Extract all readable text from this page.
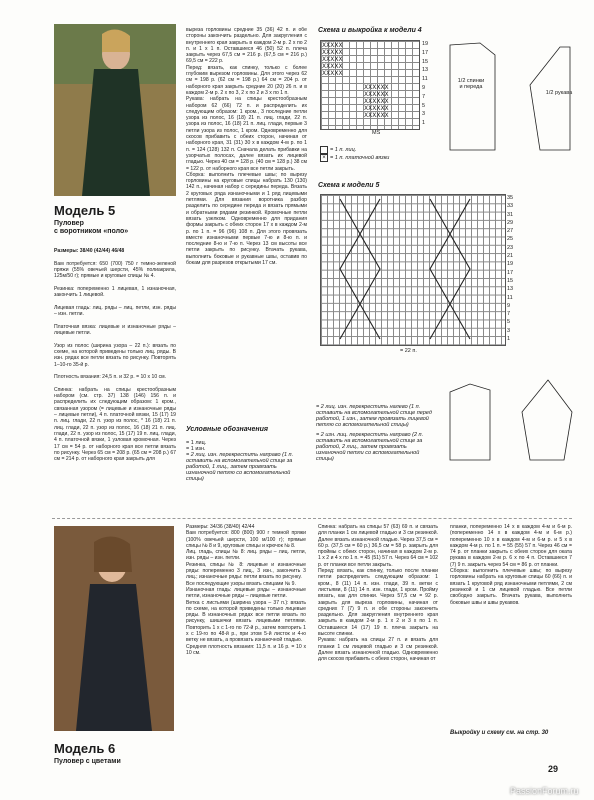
Модель 5
Пуловер
с воротником «поло»

Размеры: 38/40 (42/44) 46/48

Вам потребуется: 650 (700) 750 г темно-зеленой пряжи (55% овечьей шерсти, 45% полиакрила, 125м/50 г); прямые и круговые спицы № 4.

Резинка: попеременно 1 лицевая, 1 изнаночная, закончить 1 лицевой.

Лицевая гладь: лиц. ряды – лиц. петли, изн. ряды – изн. петли.

Платочная вязка: лицевые и изнаночные ряды – лицевые петли.

Узор из полос (ширина узора – 22 п.): вязать по схеме, на которой приведены только лиц. ряды. В изн. рядах все петли вязать по рисунку. Повторять 1–10-го 35-й р.

Плотность вязания: 24,5 п. и 32 р. = 10 х 10 см.

Спинка: набрать на спицы крестообразным набором (см. стр. 37) 138 (146) 156 п. и распределить их следующим образом: 1 кром., связанная узором (= лицевые и изнаночные ряды – лицевые петли), 4 п. платочной вязки, 15 (17) 19 п. лиц. глади, 22 п. узор из полос, * 16 (18) 21 п. лиц. глади, 22 п. узор из полос, 16 (18) 21 п. лиц. глади, 22 п. узор из полос, 15 (17) 19 п. лиц. глади, 4 п. платочной вязки, 1 узловая кромочная. Через 17 см = 54 р. от наборного края все петли вязать по рисунку. Через 65 см = 208 р. (65 см = 208 р.) 67 см = 214 р. от наборного края закрыть для

выреза горловины средние 35 (36) 42 п. и обе стороны закончить раздельно. Для закругления с внутреннего края закрыть в каждом 2-м р. 2 х по 2 п. и 1 х 1 п. Оставшиеся 46 (50) 52 п. плеча закрыть через 67,5 см = 216 р. (67,5 см = 216 р.) 69,5 см = 222 р.
Перед: вязать, как спинку, только с более глубоким вырезом горловины. Для этого через 62 см = 198 р. (62 см = 198 р.) 64 см = 204 р. от наборного края закрыть средние 20 (20) 26 п. и в каждом 2-м р. 2 х по 3, 2 х по 2 и 3 х по 1 п.
Рукава: набрать на спицы крестообразным набором 62 (66) 72 п. и распределить их следующим образом: 1 кром., 3 последние петли узора из полос, 16 (18) 21 п. лиц. глади, 22 п. узора из полос, 16 (18) 21 п. лиц. глади, первые 3 петли узора из полос, 1 кром. Одновременно для скосов прибавить с обеих сторон, начиная от наборного края, 31 (31) 30 х в каждом 4-м р. по 1 п. = 124 (128) 132 п. Сначала делать прибавки на узорчатых полосах, далее вязать их лицевой гладью. Через 40 см = 128 р. (40 см = 128 р.) 38 см = 122 р. от наборного края все петли закрыть.
Сборка: выполнить плечевые швы; по вырезу горловины на круговые спицы набрать 130 (130) 142 п., начиная набор с середины переда. Вязать 2 круговых ряда изнаночными и 1 ряд лицевыми петлями. Для вязания воротника разбор разделить по середине переда и вязать прямыми и обратными рядами резинкой. Кромочные петли вязать узелком. Одновременно для придания формы закрыть с обеих сторон 17 х в каждом 2-м р. по 1 п. = 96 (96) 108 п. Для этого провязать вместе изнаночными первые 7-ю и 8-ю п. и последние 8-ю и 7-ю п. Через 13 см высоты все петли закрыть по рисунку. Втачать рукава, выполнить боковые и рукавные швы, оставив по бокам для разрезов открытыми 17 см.
Схема и выкройка к модели 4
XXXXX
XXXXX
XXXXX
XXXXX
XXXXX
XXXXXX
XXXXXX
XXXXXX
XXXXXX
XXXXXX
19
17
15
13
11
9
7
5
3
1
MS
= 1 п. лиц.
= 1 п. платочной вязки
×
1/2 спинки и переда
1/2 рукава
Схема к модели 5
35
33
31
29
27
25
23
21
19
17
15
13
11
9
7
5
3
1
= 22 п.
Условные обозначения
= 1 лиц.
= 1 изн.
= 2 лиц. изн. перекрестить направо (1 п. оставить на вспомогательной спице за работой, 1 лиц., затем провязать изнаночной петлю со вспомогательной спицы)
= 2 лиц. изн. перекрестить налево (1 п. оставить на вспомогательной спице перед работой, 1 изн., затем провязать лицевой петлю со вспомогательной спицы)
= 2 изн. лиц. перекрестить направо (2 п. оставить на вспомогательной спице за работой, 2 лиц., затем провязать изнаночной петли со вспомогательной спицы)
Модель 6
Пуловер с цветами
Размеры: 34/36 (38/40) 42/44
Вам потребуется: 800 (800) 900 г темной пряжи (100% овечьей шерсти, 100 м/100 г); прямые спицы № 8 и 9, круговые спицы и крючок № 8.
Лиц. гладь, спицы № 8: лиц. ряды – лиц. петли, изн. ряды – изн. петли.
Резинка, спицы № 8: лицевые и изнаночные ряды: попеременно 3 лиц., 3 изн., закончить 3 лиц.; изнаночные ряды: петли вязать по рисунку.
Все последующие узоры вязать спицами № 9.
Изнаночная гладь: лицевые ряды – изнаночные петли, изнаночные ряды – лицевые петли.
Ветка с листьями (ширина узора – 37 п.): вязать по схеме, на которой приведены только лицевые ряды. В изнаночных рядах все петли вязать по рисунку, шишечки вязать лицевыми петлями. Повторить 1 х с 1-го по 72-й р., затем повторить 1 х с 19-го по 48-й р., при этом 5-й листок и 4-ю ветку не вязать, а провязать изнаночной гладью.
Средняя плотность вязания: 11,5 п. и 16 р. = 10 х 10 см.
Спинка: набрать на спицы 57 (63) 69 п. и связать для планки 1 см лицевой гладью и 3 см резинкой. Далее вязать изнаночной гладью. Через 37,5 см = 60 р. (37,5 см = 60 р.) 36,5 см = 58 р. закрыть для проймы с обеих сторон, начиная в каждом 2-м р. 1 х 2 и 4 х по 1 п. = 45 (51) 57 п. Через 64 см = 102 р. от планки все петли закрыть.
Перед: вязать, как спинку, только после планки петли распределить следующим образом: 1 кром., 8 (11) 14 п. изн. глади, 39 п. ветки с листьями, 8 (11) 14 п. изн. глади, 1 кром. Пройму вязать, как для спинки. Через 57,5 см = 92 р. закрыть для выреза горловины, начиная от средних 7 (7) 9 п. и обе стороны закончить раздельно. Для закругления внутреннего края закрыть в каждом 2-м р. 1 х 2 и 3 х по 1 п. Оставшиеся 14 (17) 19 п. плеча закрыть на высоте спинки.
Рукава: набрать на спицы 27 п. и вязать для планки 1 см лицевой гладью и 3 см резинкой. Далее вязать изнаночной гладью. Одновременно для скосов прибавить с обеих сторон, начиная от
планки, попеременно 14 х в каждом 4-м и 6-м р. (попеременно 14 х в каждом 4-м и 6-м р.) попеременно 10 х в каждом 4-м и 6-м р. и 5 х в каждом 4-м р. по 1 п. = 55 (55) 57 п. Через 46 см = 74 р. от планки закрыть с обеих сторон для оката рукава в каждом 2-м р. 6 х по 4 п. Оставшиеся 7 (7) 9 п. закрыть через 54 см = 86 р. от планки.
Сборка: выполнить плечевые швы; по вырезу горловины набрать на круговые спицы 60 (66) п. и вязать 1 круговой ряд изнаночными петлями, 2 см резинкой и 1 см лицевой гладью. Все петли свободно закрыть. Втачать рукава, выполнить боковые швы и швы рукавов.
Выкройку и схему см. на стр. 30
29
PassionForum.ru
